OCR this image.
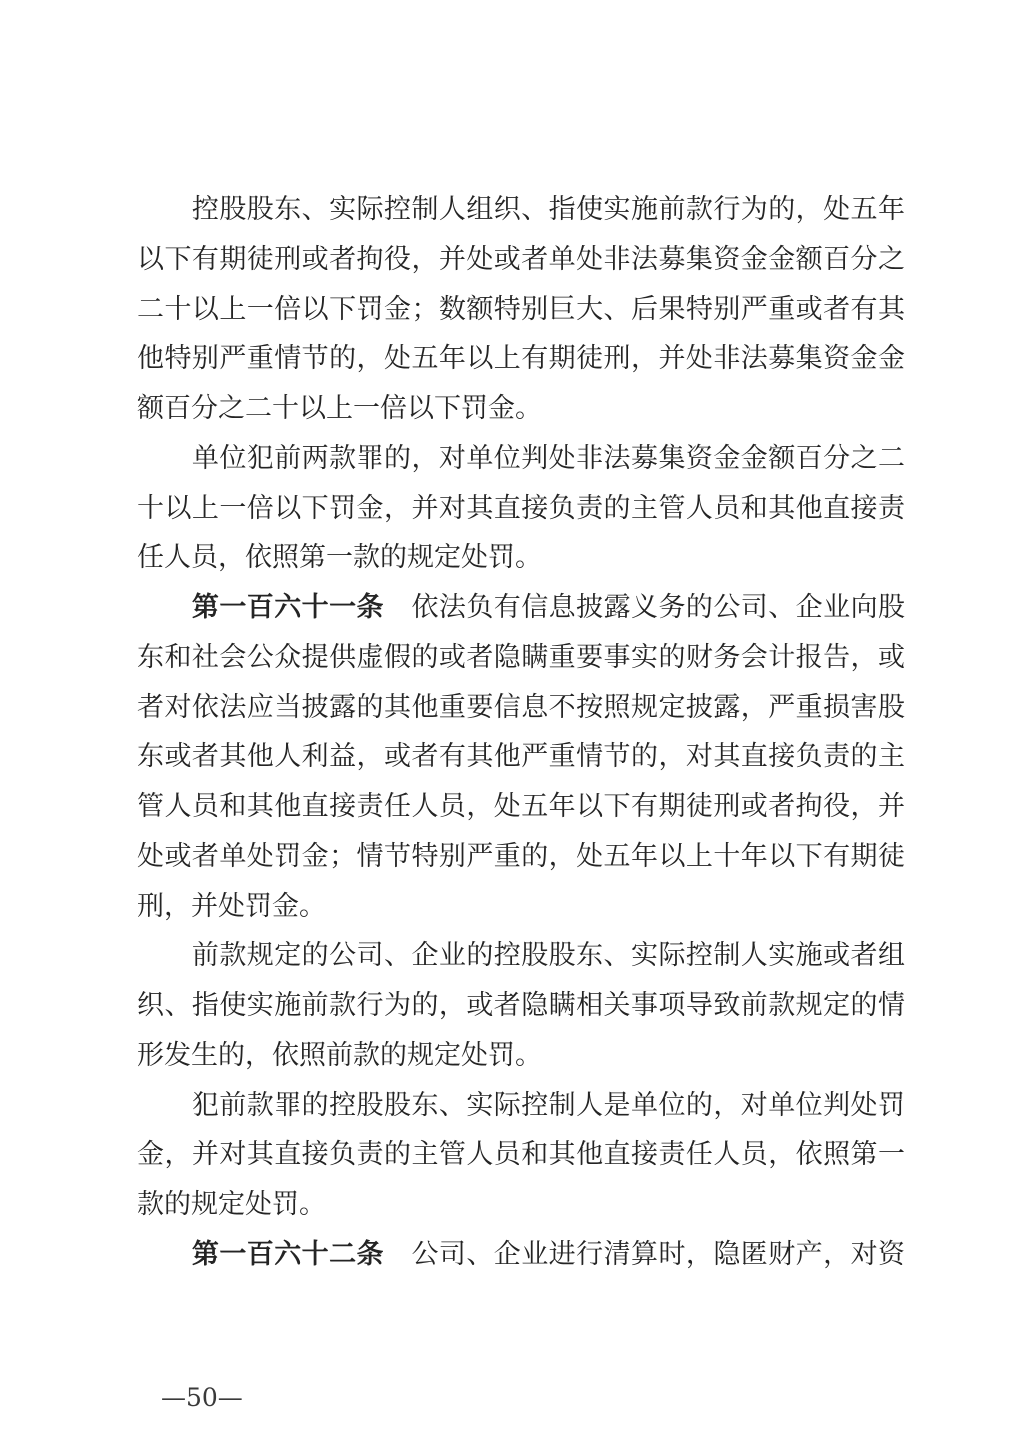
　　控股股东、实际控制人组织、指使实施前款行为的，处五年
以下有期徒刑或者拘役，并处或者单处非法募集资金金额百分之
二十以上一倍以下罚金；数额特别巨大、后果特别严重或者有其
他特别严重情节的，处五年以上有期徒刑，并处非法募集资金金
额百分之二十以上一倍以下罚金。
　　单位犯前两款罪的，对单位判处非法募集资金金额百分之二
十以上一倍以下罚金，并对其直接负责的主管人员和其他直接责
任人员，依照第一款的规定处罚。
　　第一百六十一条　依法负有信息披露义务的公司、企业向股
东和社会公众提供虚假的或者隐瞒重要事实的财务会计报告，或
者对依法应当披露的其他重要信息不按照规定披露，严重损害股
东或者其他人利益，或者有其他严重情节的，对其直接负责的主
管人员和其他直接责任人员，处五年以下有期徒刑或者拘役，并
处或者单处罚金；情节特别严重的，处五年以上十年以下有期徒
刑，并处罚金。
　　前款规定的公司、企业的控股股东、实际控制人实施或者组
织、指使实施前款行为的，或者隐瞒相关事项导致前款规定的情
形发生的，依照前款的规定处罚。
　　犯前款罪的控股股东、实际控制人是单位的，对单位判处罚
金，并对其直接负责的主管人员和其他直接责任人员，依照第一
款的规定处罚。
　　第一百六十二条　公司、企业进行清算时，隐匿财产，对资
—50—
